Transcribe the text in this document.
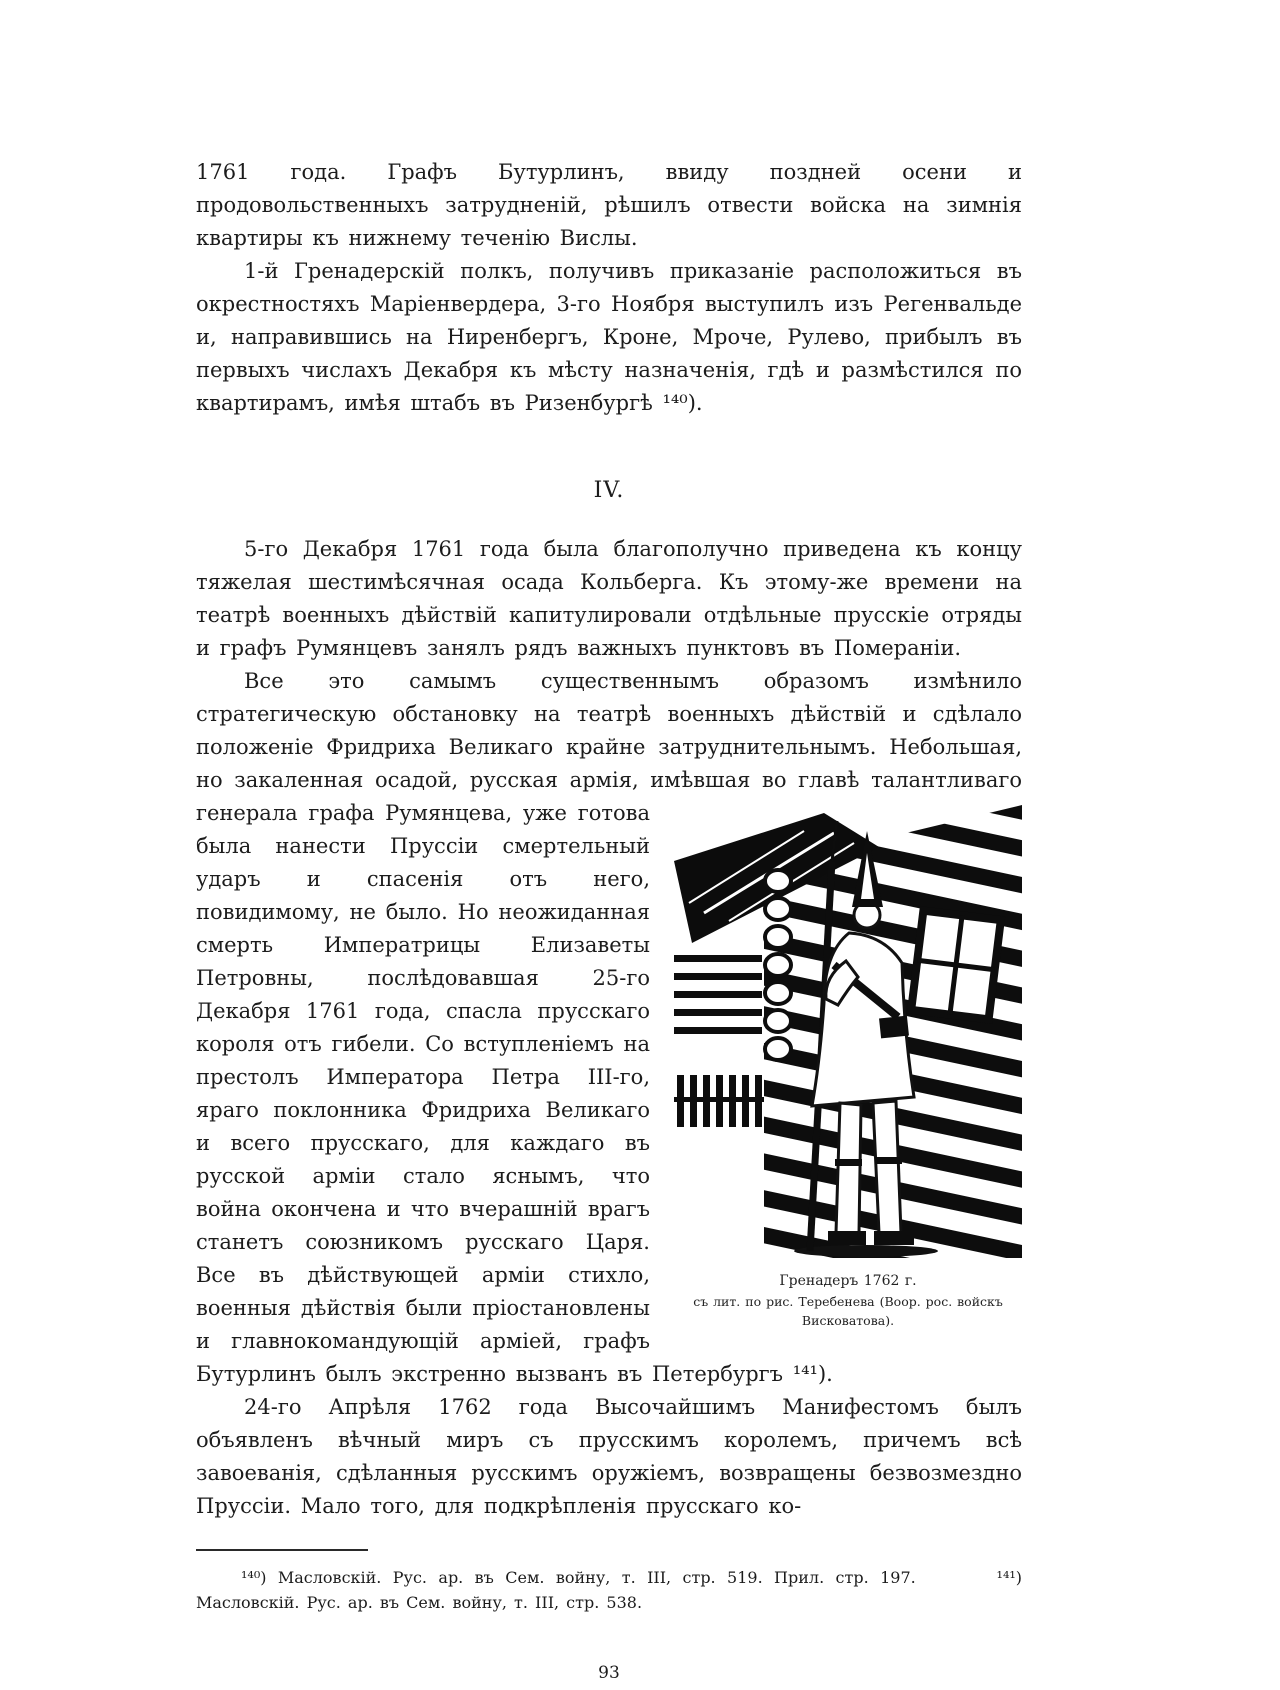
1761 года. Графъ Бутурлинъ, ввиду поздней осени и продовольственныхъ затрудненій, рѣшилъ отвести войска на зимнія квартиры къ нижнему теченію Вислы.

1-й Гренадерскій полкъ, получивъ приказаніе расположиться въ окрестностяхъ Маріенвердера, 3-го Ноября выступилъ изъ Регенвальде и, направившись на Ниренбергъ, Кроне, Мроче, Рулево, прибылъ въ первыхъ числахъ Декабря къ мѣсту назначенія, гдѣ и размѣстился по квартирамъ, имѣя штабъ въ Ризенбургѣ ¹⁴⁰).

IV.

5-го Декабря 1761 года была благополучно приведена къ концу тяжелая шестимѣсячная осада Кольберга. Къ этому-же времени на театрѣ военныхъ дѣйствій капитулировали отдѣльные прусскіе отряды и графъ Румянцевъ занялъ рядъ важныхъ пунктовъ въ Помераніи.

Все это самымъ существеннымъ образомъ измѣнило стратегическую обстановку на театрѣ военныхъ дѣйствій и сдѣлало положеніе Фридриха Великаго крайне затруднительнымъ. Небольшая, но закаленная осадой, русская армія, имѣвшая
Гренадеръ 1762 г.
съ лит. по рис. Теребенева (Воор. рос. войскъ
Висковатова).
во главѣ талантливаго генерала графа Румянцева, уже готова была нанести Пруссіи смертельный ударъ и спасенія отъ него, повидимому, не было. Но неожиданная смерть Императрицы Елизаветы Петровны, послѣдовавшая 25-го Декабря 1761 года, спасла прусскаго короля отъ гибели. Со вступленіемъ на престолъ Императора Петра III-го, яраго поклонника Фридриха Великаго и всего прусскаго, для каждаго въ русской арміи стало яснымъ, что война окончена и что вчерашній врагъ станетъ союзникомъ русскаго Царя. Все въ дѣйствующей арміи стихло, военныя дѣйствія были пріостановлены и главнокомандующій арміей, графъ Бутурлинъ былъ экстренно вызванъ въ Петербургъ ¹⁴¹).

24-го Апрѣля 1762 года Высочайшимъ Манифестомъ былъ объявленъ вѣчный миръ съ прусскимъ королемъ, причемъ всѣ завоеванія, сдѣланныя русскимъ оружіемъ, возвращены безвозмездно Пруссіи. Мало того, для подкрѣпленія прусскаго ко-

¹⁴⁰) Масловскій. Рус. ар. въ Сем. войну, т. III, стр. 519. Прил. стр. 197.	¹⁴¹) Масловскій. Рус. ар. въ Сем. войну, т. III, стр. 538.

93
